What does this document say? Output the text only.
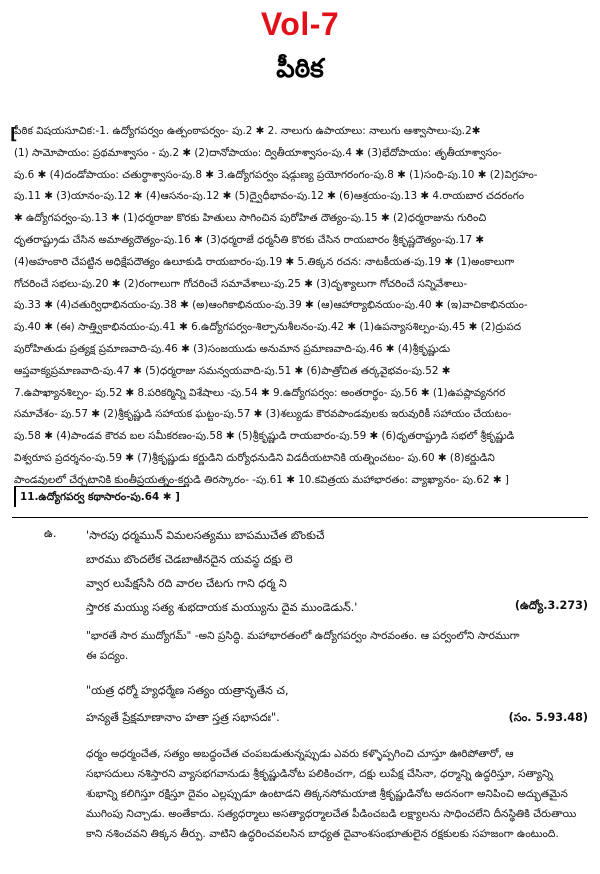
Vol-7
పీఠిక
[
పీఠిక విషయసూచిక:-1. ఉద్యోగపర్వం ఉత్పంఠాపర్వం- పు.2 ✱ 2. నాలుగు ఉపాయాలు: నాలుగు ఆశ్వాసాలు-పు.2✱
(1) సామోపాయం: ప్రథమాశ్వాసం - పు.2 ✱ (2)దానోపాయం: ద్వితీయాశ్వాసం-పు.4 ✱ (3)భేదోపాయం: తృతీయాశ్వాసం-
పు.6 ✱ (4)దండోపాయం: చతుర్థాశ్వాసం-పు.8 ✱ 3.ఉద్యోగపర్వం షడ్గుణ్య ప్రయోగరంగం-పు.8 ✱ (1)సంధి-పు.10 ✱ (2)విగ్రహం-
పు.11 ✱ (3)యానం-పు.12 ✱ (4)ఆసనం-పు.12 ✱ (5)ద్వైధీభావం-పు.12 ✱ (6)ఆశ్రయం-పు.13 ✱ 4.రాయబార చదరంగం
✱ ఉద్యోగపర్వం-పు.13 ✱ (1)ధర్మరాజు కొరకు హితులు సాగించిన పురోహిత దౌత్యం-పు.15 ✱ (2)ధర్మరాజును గురించి
ధృతరాష్ట్రుడు చేసిన అమాత్యదౌత్యం-పు.16 ✱ (3)ధర్మరాజే ధర్మనీతి కొరకు చేసిన రాయబారం శ్రీకృష్ణదౌత్యం-పు.17 ✱
(4)అహంకారి చేపట్టిన అధిక్షేపదౌత్యం ఉలూకుడి రాయబారం-పు.19 ✱ 5.తిక్కన రచన: నాటకీయత-పు.19 ✱ (1)అంకాలుగా
గోచరించే సభలు-పు.20 ✱ (2)రంగాలుగా గోచరించే సమావేశాలు-పు.25 ✱ (3)దృశ్యాలుగా గోచరించే సన్నివేశాలు-
పు.33 ✱ (4)చతుర్విధాభినయం-పు.38 ✱ (అ)ఆంగికాభినయం-పు.39 ✱ (ఆ)ఆహార్యాభినయం-పు.40 ✱ (ఇ)వాచికాభినయం-
పు.40 ✱ (ఈ) సాత్త్వికాభినయం-పు.41 ✱ 6.ఉద్యోగపర్వం-శిల్పానుశీలనం-పు.42 ✱ (1)ఉపన్యాసశిల్పం-పు.45 ✱ (2)ద్రుపద
పురోహితుడు ప్రత్యక్ష ప్రమాణవాది-పు.46 ✱ (3)సంజయుడు అనుమాన ప్రమాణవాది-పు.46 ✱ (4)శ్రీకృష్ణుడు
ఆప్తవాక్యప్రమాణవాది-పు.47 ✱ (5)ధర్మరాజు సమన్వయవాది-పు.51 ✱ (6)పాత్రోచిత తర్కవైభవం-పు.52 ✱
7.ఉపాఖ్యానశిల్పం- పు.52 ✱ 8.పరికర్మిన్ని విశేషాలు -పు.54 ✱ 9.ఉద్యోగపర్వం: అంతరార్థం- పు.56 ✱ (1)ఉపప్లావ్యనగర
సమావేశం- పు.57 ✱ (2)శ్రీకృష్ణుడి సహాయక ఘట్టం-పు.57 ✱ (3)శల్యుడు కౌరవపాండవులకు ఇరువురికీ సహాయం చేయటం-
పు.58 ✱ (4)పాండవ కౌరవ బల సమీకరణం-పు.58 ✱ (5)శ్రీకృష్ణుడి రాయబారం-పు.59 ✱ (6)ధృతరాష్ట్రుడి సభలో శ్రీకృష్ణుడి
విశ్వరూప ప్రదర్శనం-పు.59 ✱ (7)శ్రీకృష్ణుడు కర్ణుడిని దుర్యోధనుడిని విడదీయటానికి యత్నించటం- పు.60 ✱ (8)కర్ణుడిని
పాండవులలో చేర్చటానికి కుంతీప్రయత్నం-కర్ణుడి తిరస్కారం- -పు.61 ✱ 10.కవిత్రయ మహాభారతం: వ్యాఖ్యానం- పు.62 ✱ ]
11.ఉద్యోగపర్వ కథాసారం-పు.64 ✱ ]
ఉ.	'సారపు ధర్మమున్ విమలసత్యము బాపముచేత బొంకుచే
బారము బొందలేక చెడబాఱినదైన యవస్థ దక్షు లె
వ్వార లుపేక్షసేసి రది వారల చేటగు గాని ధర్మ ని
స్తారక మయ్యు సత్య శుభదాయక మయ్యును దైవ ముండెడున్.'	(ఉద్యో.3.273)
"భారతే సార ముద్యోగమ్" -అని ప్రసిద్ధి. మహాభారతంలో ఉద్యోగపర్వం సారవంతం. ఆ పర్వంలోని సారముగా
ఈ పద్యం.
"యత్ర ధర్మో హ్యధర్మేణ సత్యం యత్రానృతేన చ,
హన్యతే ప్రేక్షమాణానాం హతా స్తత్ర సభాసదః".	(సం. 5.93.48)
ధర్మం అధర్మంచేత, సత్యం అబద్ధంచేత చంపబడుతున్నప్పుడు ఎవరు కళ్ళొప్పగించి చూస్తూ ఊరిపోతారో, ఆ
సభాసదులు నశిస్తారని వ్యాసభగవానుడు శ్రీకృష్ణుడినోట పలికించగా, దక్షు లుపేక్ష చేసినా, ధర్మాన్ని ఉద్ధరిస్తూ, సత్యాన్ని
శుభాన్ని కలిగిస్తూ రక్షిస్తూ దైవం ఎల్లప్పుడూ ఉంటాడని తిక్కనసోమయాజి శ్రీకృష్ణుడినోట అదనంగా అనిపించి అద్భుతమైన
ముగింపు నిచ్చాడు. అంతేకాదు. సత్యధర్మాలు అసత్యాధర్మాలచేత పీడించబడి లక్ష్యాలను సాధించలేని దీనస్థితికి చేరుతాయి
కాని నశించవని తిక్కన తీర్పు. వాటిని ఉద్ధరించవలసిన బాధ్యత దైవాంశసంభూతులైన రక్షకులకు సహజంగా ఉంటుంది.
